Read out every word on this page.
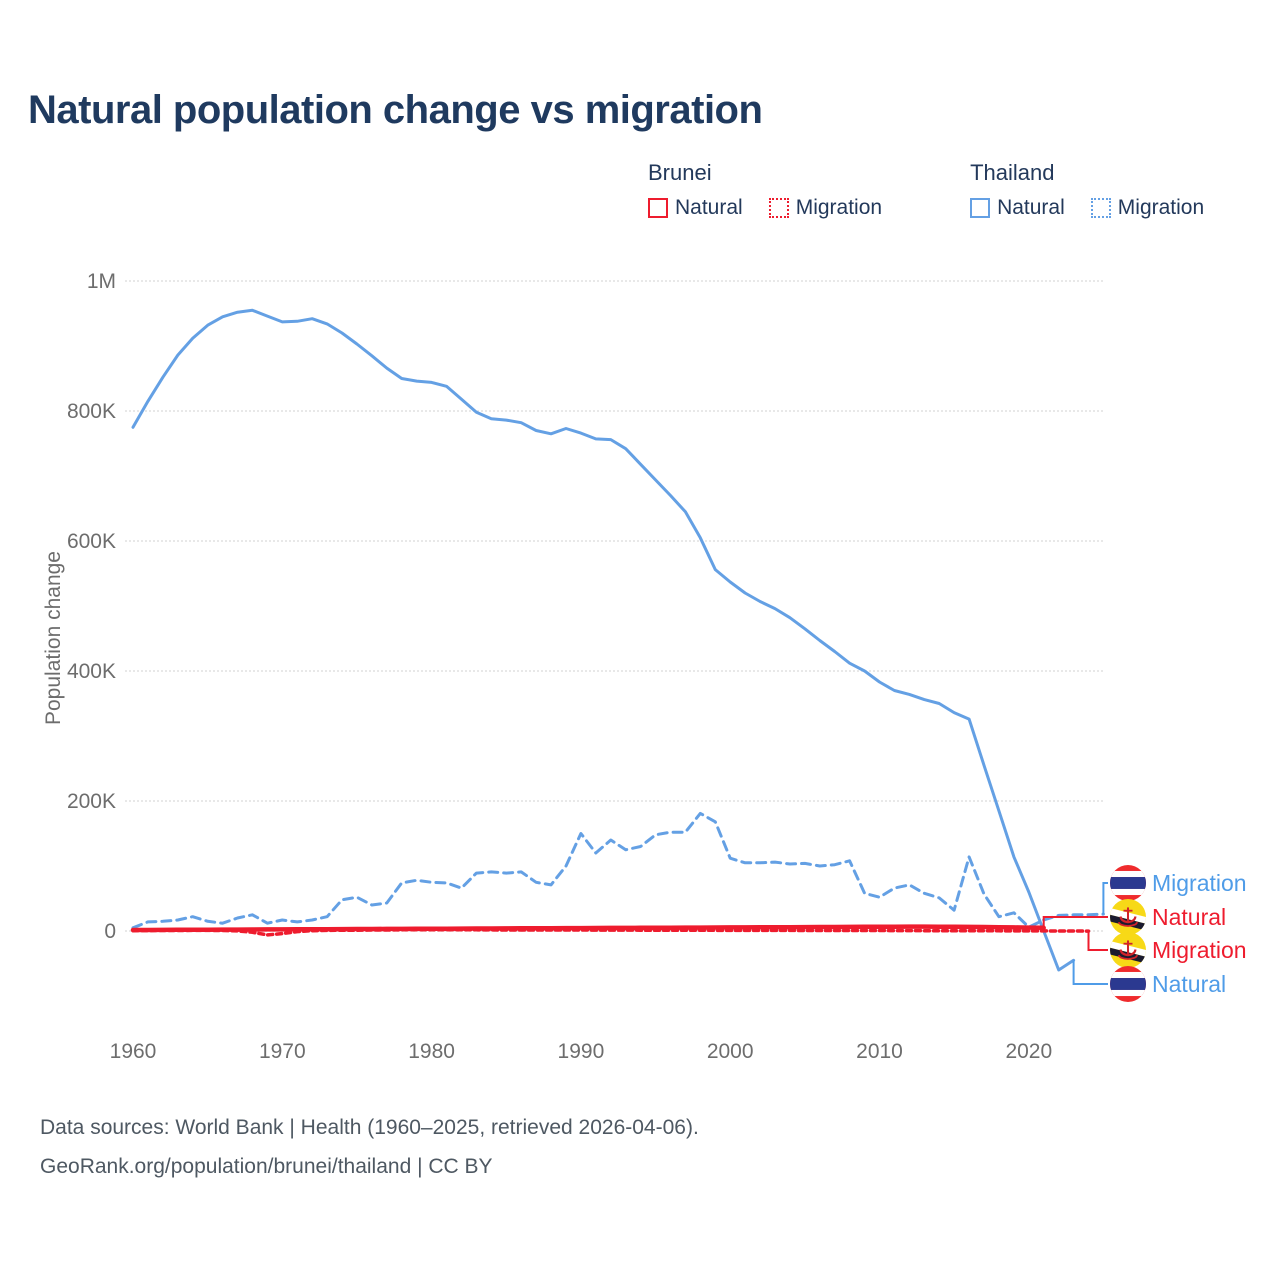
Natural population change vs migration
Brunei
Natural	Migration
Thailand
Natural	Migration
Population change
0
200K
400K
600K
800K
1M
1960	1970	1980	1990	2000	2010	2020
Migration
Natural
Migration
Natural
Data sources: World Bank | Health (1960–2025, retrieved 2026-04-06).
GeoRank.org/population/brunei/thailand | CC BY
